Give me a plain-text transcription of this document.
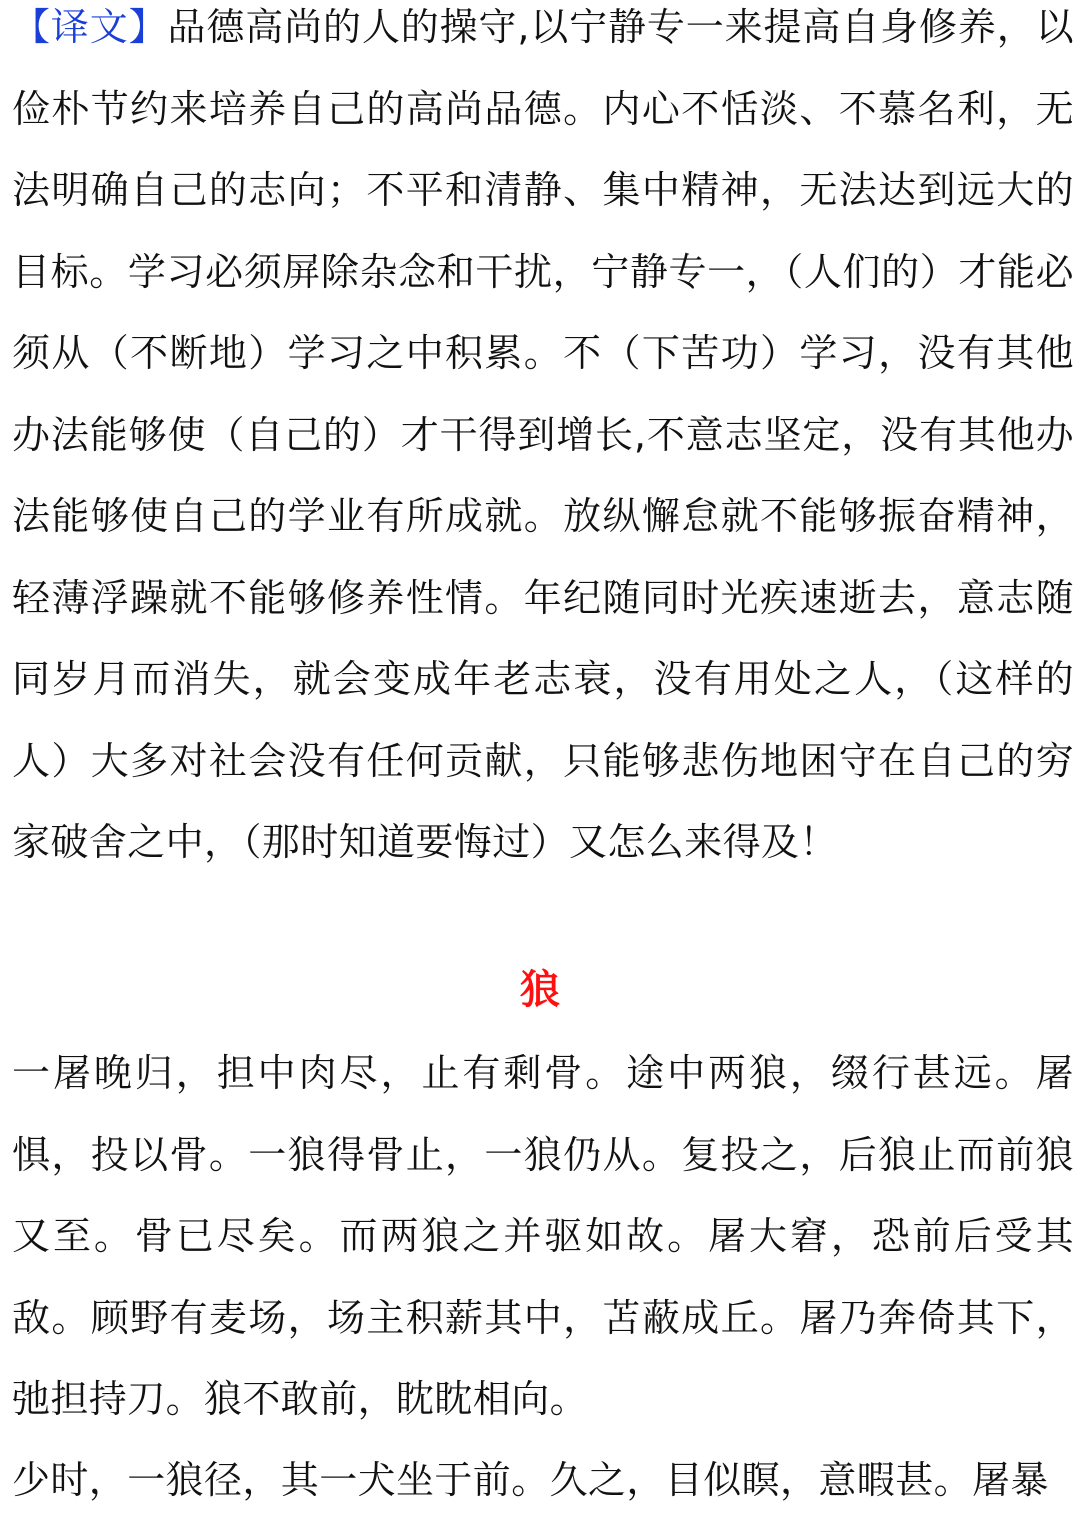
【译文】品德高尚的人的操守,以宁静专一来提高自身修养，以俭朴节约来培养自己的高尚品德。内心不恬淡、不慕名利，无法明确自己的志向；不平和清静、集中精神，无法达到远大的目标。学习必须屏除杂念和干扰，宁静专一，（人们的）才能必须从（不断地）学习之中积累。不（下苦功）学习，没有其他办法能够使（自己的）才干得到增长,不意志坚定，没有其他办法能够使自己的学业有所成就。放纵懈怠就不能够振奋精神，轻薄浮躁就不能够修养性情。年纪随同时光疾速逝去，意志随同岁月而消失，就会变成年老志衰，没有用处之人，（这样的人）大多对社会没有任何贡献，只能够悲伤地困守在自己的穷家破舍之中，（那时知道要悔过）又怎么来得及！

狼

一屠晚归，担中肉尽，止有剩骨。途中两狼，缀行甚远。屠惧，投以骨。一狼得骨止，一狼仍从。复投之，后狼止而前狼又至。骨已尽矣。而两狼之并驱如故。屠大窘，恐前后受其敌。顾野有麦场，场主积薪其中，苫蔽成丘。屠乃奔倚其下，弛担持刀。狼不敢前，眈眈相向。

少时，一狼径，其一犬坐于前。久之，目似瞑，意暇甚。屠暴
